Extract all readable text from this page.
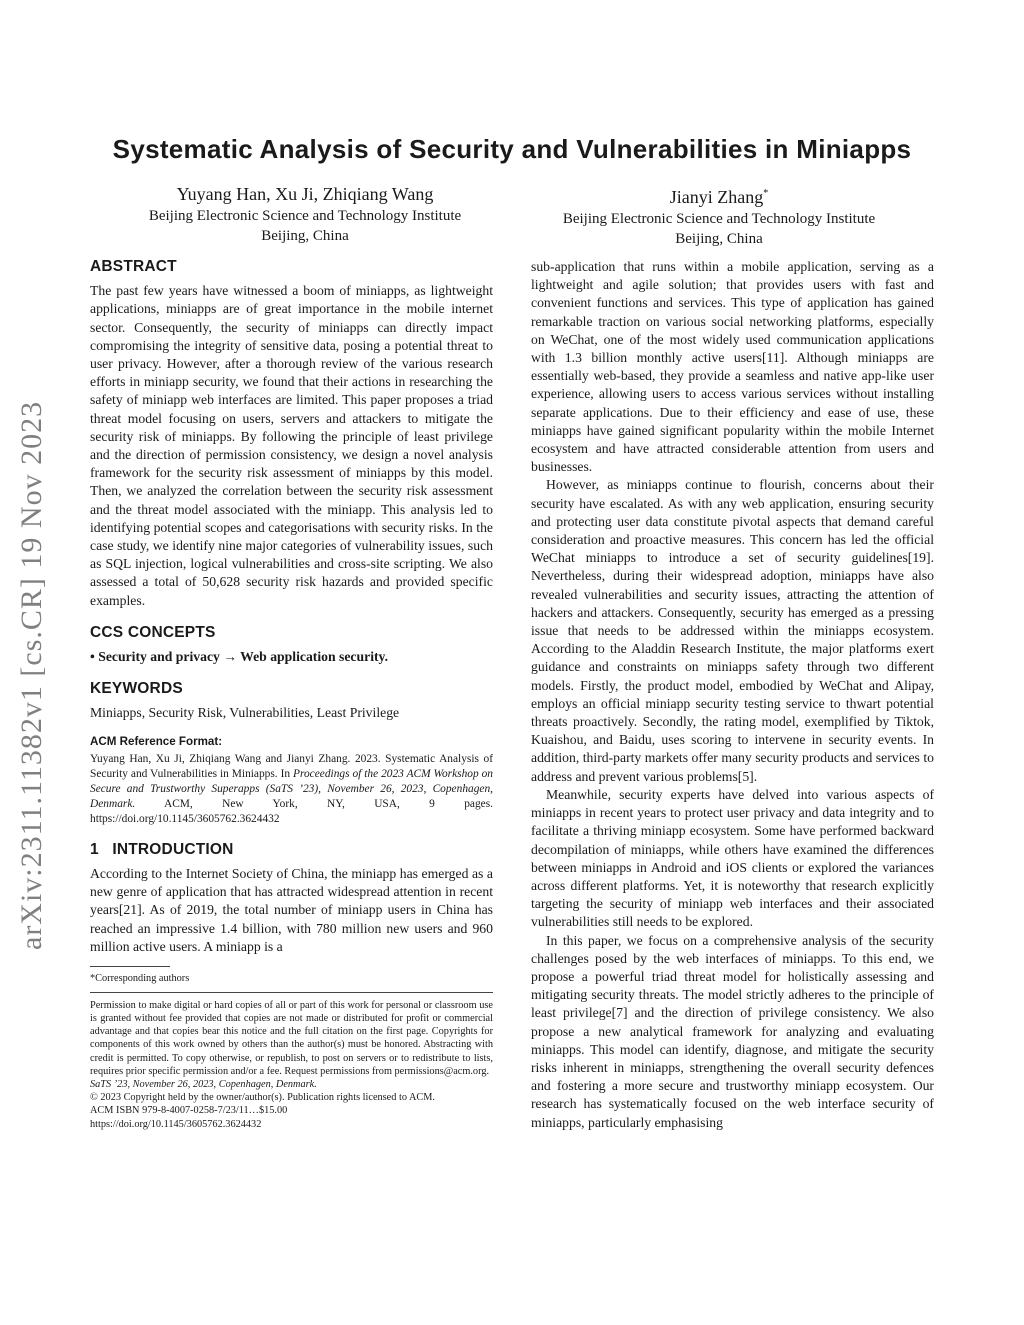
arXiv:2311.11382v1 [cs.CR] 19 Nov 2023
Systematic Analysis of Security and Vulnerabilities in Miniapps
Yuyang Han, Xu Ji, Zhiqiang Wang
Beijing Electronic Science and Technology Institute
Beijing, China
Jianyi Zhang*
Beijing Electronic Science and Technology Institute
Beijing, China
ABSTRACT

The past few years have witnessed a boom of miniapps, as lightweight applications, miniapps are of great importance in the mobile internet sector. Consequently, the security of miniapps can directly impact compromising the integrity of sensitive data, posing a potential threat to user privacy. However, after a thorough review of the various research efforts in miniapp security, we found that their actions in researching the safety of miniapp web interfaces are limited. This paper proposes a triad threat model focusing on users, servers and attackers to mitigate the security risk of miniapps. By following the principle of least privilege and the direction of permission consistency, we design a novel analysis framework for the security risk assessment of miniapps by this model. Then, we analyzed the correlation between the security risk assessment and the threat model associated with the miniapp. This analysis led to identifying potential scopes and categorisations with security risks. In the case study, we identify nine major categories of vulnerability issues, such as SQL injection, logical vulnerabilities and cross-site scripting. We also assessed a total of 50,628 security risk hazards and provided specific examples.

CCS CONCEPTS

• Security and privacy → Web application security.

KEYWORDS

Miniapps, Security Risk, Vulnerabilities, Least Privilege

ACM Reference Format:

Yuyang Han, Xu Ji, Zhiqiang Wang and Jianyi Zhang. 2023. Systematic Analysis of Security and Vulnerabilities in Miniapps. In Proceedings of the 2023 ACM Workshop on Secure and Trustworthy Superapps (SaTS ’23), November 26, 2023, Copenhagen, Denmark. ACM, New York, NY, USA, 9 pages. https://doi.org/10.1145/3605762.3624432

1   INTRODUCTION

According to the Internet Society of China, the miniapp has emerged as a new genre of application that has attracted widespread attention in recent years[21]. As of 2019, the total number of miniapp users in China has reached an impressive 1.4 billion, with 780 million new users and 960 million active users. A miniapp is a

*Corresponding authors

Permission to make digital or hard copies of all or part of this work for personal or classroom use is granted without fee provided that copies are not made or distributed for profit or commercial advantage and that copies bear this notice and the full citation on the first page. Copyrights for components of this work owned by others than the author(s) must be honored. Abstracting with credit is permitted. To copy otherwise, or republish, to post on servers or to redistribute to lists, requires prior specific permission and/or a fee. Request permissions from permissions@acm.org.

SaTS ’23, November 26, 2023, Copenhagen, Denmark.
© 2023 Copyright held by the owner/author(s). Publication rights licensed to ACM.
ACM ISBN 979-8-4007-0258-7/23/11…$15.00
https://doi.org/10.1145/3605762.3624432

sub-application that runs within a mobile application, serving as a lightweight and agile solution; that provides users with fast and convenient functions and services. This type of application has gained remarkable traction on various social networking platforms, especially on WeChat, one of the most widely used communication applications with 1.3 billion monthly active users[11]. Although miniapps are essentially web-based, they provide a seamless and native app-like user experience, allowing users to access various services without installing separate applications. Due to their efficiency and ease of use, these miniapps have gained significant popularity within the mobile Internet ecosystem and have attracted considerable attention from users and businesses.

However, as miniapps continue to flourish, concerns about their security have escalated. As with any web application, ensuring security and protecting user data constitute pivotal aspects that demand careful consideration and proactive measures. This concern has led the official WeChat miniapps to introduce a set of security guidelines[19]. Nevertheless, during their widespread adoption, miniapps have also revealed vulnerabilities and security issues, attracting the attention of hackers and attackers. Consequently, security has emerged as a pressing issue that needs to be addressed within the miniapps ecosystem. According to the Aladdin Research Institute, the major platforms exert guidance and constraints on miniapps safety through two different models. Firstly, the product model, embodied by WeChat and Alipay, employs an official miniapp security testing service to thwart potential threats proactively. Secondly, the rating model, exemplified by Tiktok, Kuaishou, and Baidu, uses scoring to intervene in security events. In addition, third-party markets offer many security products and services to address and prevent various problems[5].

Meanwhile, security experts have delved into various aspects of miniapps in recent years to protect user privacy and data integrity and to facilitate a thriving miniapp ecosystem. Some have performed backward decompilation of miniapps, while others have examined the differences between miniapps in Android and iOS clients or explored the variances across different platforms. Yet, it is noteworthy that research explicitly targeting the security of miniapp web interfaces and their associated vulnerabilities still needs to be explored.

In this paper, we focus on a comprehensive analysis of the security challenges posed by the web interfaces of miniapps. To this end, we propose a powerful triad threat model for holistically assessing and mitigating security threats. The model strictly adheres to the principle of least privilege[7] and the direction of privilege consistency. We also propose a new analytical framework for analyzing and evaluating miniapps. This model can identify, diagnose, and mitigate the security risks inherent in miniapps, strengthening the overall security defences and fostering a more secure and trustworthy miniapp ecosystem. Our research has systematically focused on the web interface security of miniapps, particularly emphasising
